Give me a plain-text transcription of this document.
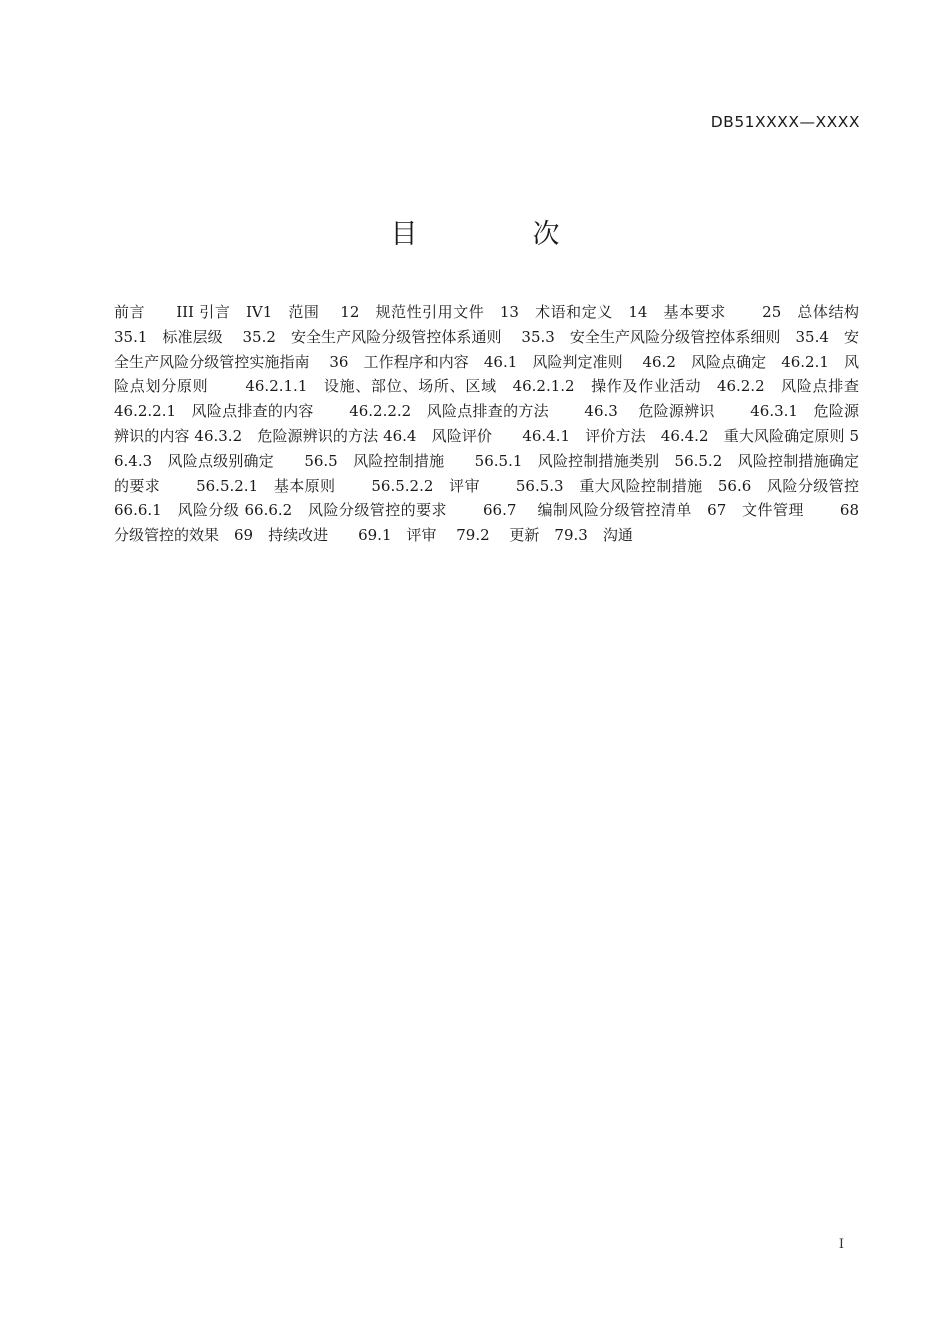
DB51XXXX—XXXX
目　次
前言　　III 引言　IV1　范围　 12　规范性引用文件　13　术语和定义　14　基本要求　 　25　总体结构　 　35.1　标准层级　 35.2　安全生产风险分级管控体系通则　 35.3　安全生产风险分级管控体系细则　35.4　安全生产风险分级管控实施指南　 36　工作程序和内容　46.1　风险判定准则　 46.2　风险点确定　46.2.1　风险点划分原则　 　46.2.1.1　设施、部位、场所、区域　46.2.1.2　操作及作业活动　46.2.2　风险点排查　 　46.2.2.1　风险点排查的内容　 　46.2.2.2　风险点排查的方法　 　46.3　 危险源辨识　　 46.3.1　危险源辨识的内容 46.3.2　危险源辨识的方法 46.4　风险评价　　46.4.1　评价方法　46.4.2　重大风险确定原则 56.4.3　风险点级别确定　　56.5　风险控制措施　　56.5.1　风险控制措施类别　56.5.2　风险控制措施确定的要求　 　56.5.2.1　基本原则　　 56.5.2.2　评审　 　56.5.3　重大风险控制措施　56.6　风险分级管控　 66.6.1　风险分级 66.6.2　风险分级管控的要求　 　66.7　 编制风险分级管控清单　67　文件管理　 　68　分级管控的效果　69　持续改进　　69.1　评审　 79.2　 更新　79.3　沟通
I
